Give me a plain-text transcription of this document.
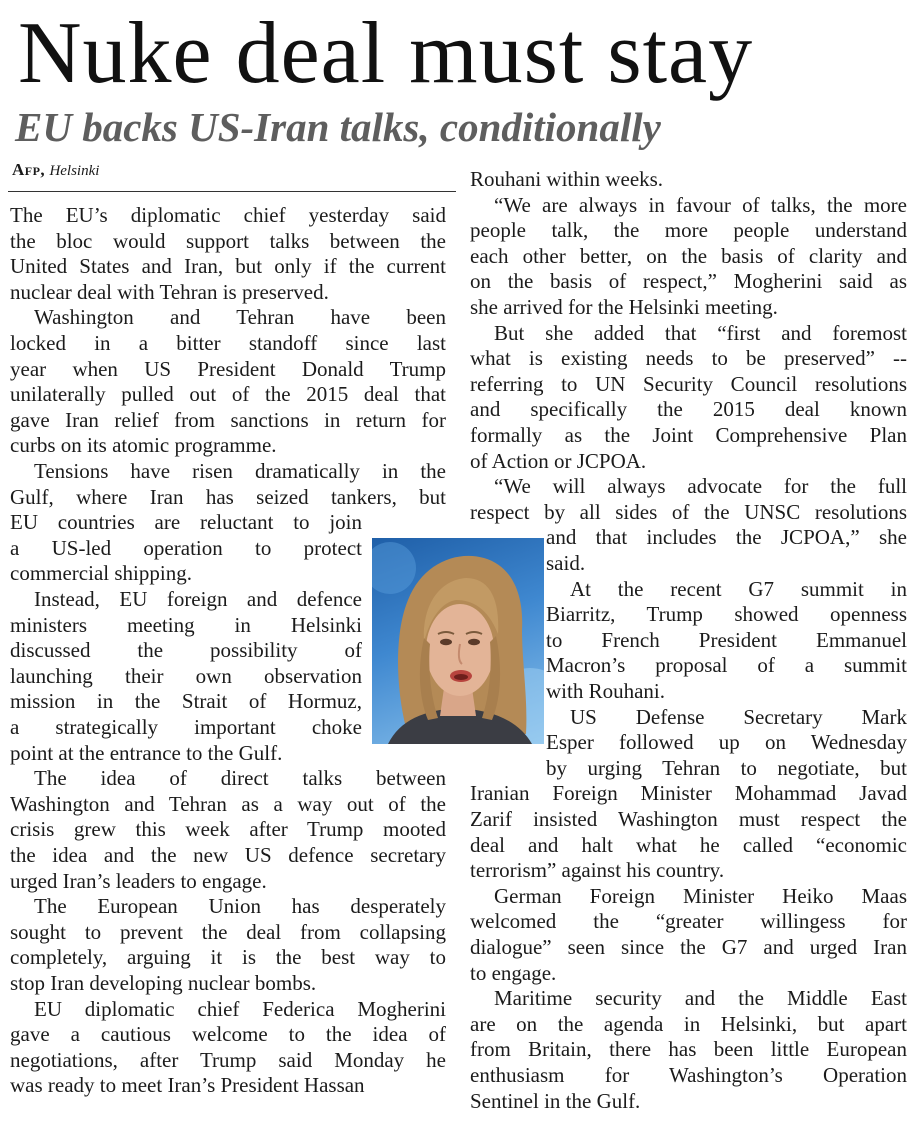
Nuke deal must stay
EU backs US-Iran talks, conditionally
Afp, Helsinki
The EU’s diplomatic chief yesterday said
the bloc would support talks between the
United States and Iran, but only if the current
nuclear deal with Tehran is preserved.
Washington and Tehran have been
locked in a bitter standoff since last
year when US President Donald Trump
unilaterally pulled out of the 2015 deal that
gave Iran relief from sanctions in return for
curbs on its atomic programme.
Tensions have risen dramatically in the
Gulf, where Iran has seized tankers, but
EU countries are reluctant to join
a US-led operation to protect
commercial shipping.
Instead, EU foreign and defence
ministers meeting in Helsinki
discussed the possibility of
launching their own observation
mission in the Strait of Hormuz,
a strategically important choke
point at the entrance to the Gulf.
The idea of direct talks between
Washington and Tehran as a way out of the
crisis grew this week after Trump mooted
the idea and the new US defence secretary
urged Iran’s leaders to engage.
The European Union has desperately
sought to prevent the deal from collapsing
completely, arguing it is the best way to
stop Iran developing nuclear bombs.
EU diplomatic chief Federica Mogherini
gave a cautious welcome to the idea of
negotiations, after Trump said Monday he
was ready to meet Iran’s President Hassan
Rouhani within weeks.
“We are always in favour of talks, the more
people talk, the more people understand
each other better, on the basis of clarity and
on the basis of respect,” Mogherini said as
she arrived for the Helsinki meeting.
But she added that “first and foremost
what is existing needs to be preserved” --
referring to UN Security Council resolutions
and specifically the 2015 deal known
formally as the Joint Comprehensive Plan
of Action or JCPOA.
“We will always advocate for the full
respect by all sides of the UNSC resolutions
and that includes the JCPOA,” she
said.
At the recent G7 summit in
Biarritz, Trump showed openness
to French President Emmanuel
Macron’s proposal of a summit
with Rouhani.
US Defense Secretary Mark
Esper followed up on Wednesday
by urging Tehran to negotiate, but
Iranian Foreign Minister Mohammad Javad
Zarif insisted Washington must respect the
deal and halt what he called “economic
terrorism” against his country.
German Foreign Minister Heiko Maas
welcomed the “greater willingess for
dialogue” seen since the G7 and urged Iran
to engage.
Maritime security and the Middle East
are on the agenda in Helsinki, but apart
from Britain, there has been little European
enthusiasm for Washington’s Operation
Sentinel in the Gulf.
